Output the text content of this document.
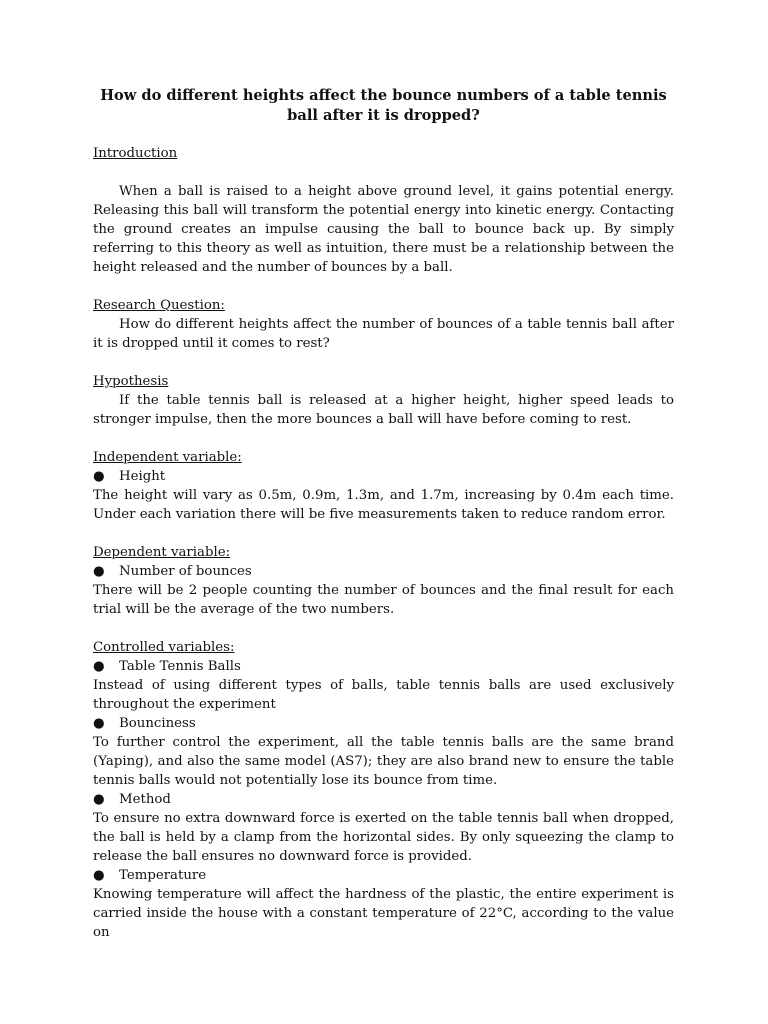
How do different heights affect the bounce numbers of a table tennis ball after it is dropped?

Introduction

When a ball is raised to a height above ground level, it gains potential energy. Releasing this ball will transform the potential energy into kinetic energy. Contacting the ground creates an impulse causing the ball to bounce back up. By simply referring to this theory as well as intuition, there must be a relationship between the height released and the number of bounces by a ball.

Research Question:

How do different heights affect the number of bounces of a table tennis ball after it is dropped until it comes to rest?

Hypothesis

If the table tennis ball is released at a higher height, higher speed leads to stronger impulse, then the more bounces a ball will have before coming to rest.

Independent variable:

●	Height

The height will vary as 0.5m, 0.9m, 1.3m, and 1.7m, increasing by 0.4m each time. Under each variation there will be five measurements taken to reduce random error.

Dependent variable:

●	Number of bounces

There will be 2 people counting the number of bounces and the final result for each trial will be the average of the two numbers.

Controlled variables:

●	Table Tennis Balls

Instead of using different types of balls, table tennis balls are used exclusively throughout the experiment

●	Bounciness

To further control the experiment, all the table tennis balls are the same brand (Yaping), and also the same model (AS7); they are also brand new to ensure the table tennis balls would not potentially lose its bounce from time.

●	Method

To ensure no extra downward force is exerted on the table tennis ball when dropped, the ball is held by a clamp from the horizontal sides. By only squeezing the clamp to release the ball ensures no downward force is provided.

●	Temperature

Knowing temperature will affect the hardness of the plastic, the entire experiment is carried inside the house with a constant temperature of 22°C, according to the value on
